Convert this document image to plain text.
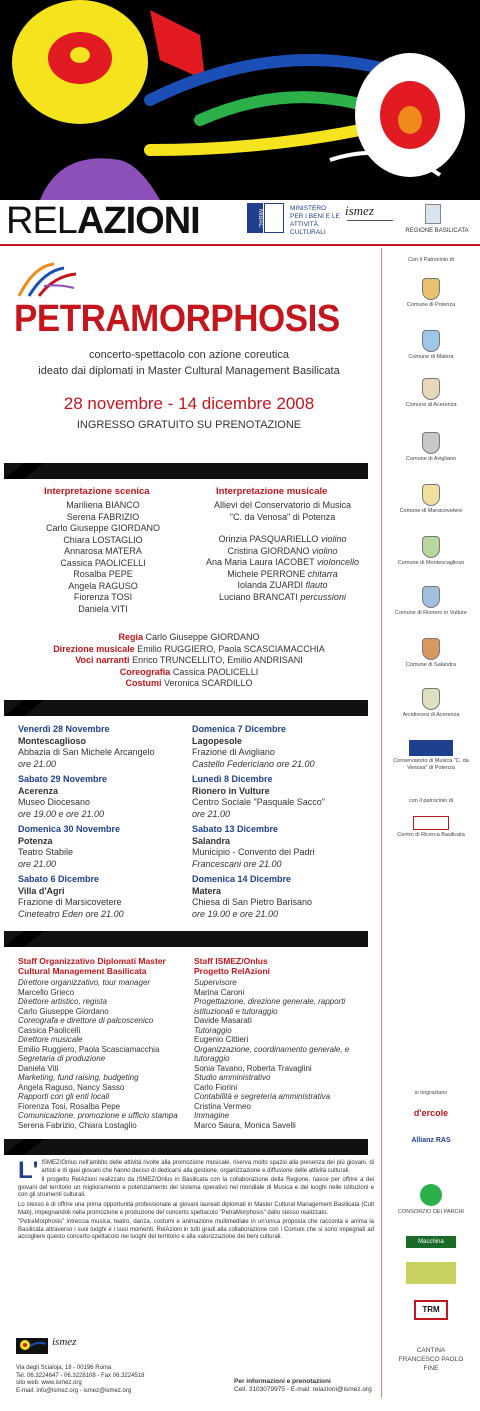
RELAZIONI	MiBAC
MINISTERO PER I BENI E LE ATTIVITÀ CULTURALI
ismez
REGIONE BASILICATA
PETRAMORPHOSIS
concerto-spettacolo con azione coreutica
ideato dai diplomati in Master Cultural Management Basilicata
28 novembre - 14 dicembre 2008
INGRESSO GRATUITO SU PRENOTAZIONE
Interpretazione scenica	Interpretazione musicale
Mariliena BIANCO
Serena FABRIZIO
Carlo Giuseppe GIORDANO
Chiara LOSTAGLIO
Annarosa MATERA
Cassica PAOLICELLI
Rosalba PEPE
Angela RAGUSO
Fiorenza TOSI
Daniela VITI
Allievi del Conservatorio di Musica
"C. da Venosa" di Potenza
Orinzia PASQUARIELLO violino
Cristina GIORDANO violino
Ana Maria Laura IACOBET violoncello
Michele PERRONE chitarra
Iolanda ZUARDI flauto
Luciano BRANCATI percussioni
Regia Carlo Giuseppe GIORDANO
Direzione musicale Emilio RUGGIERO, Paola SCASCIAMACCHIA
Voci narranti Enrico TRUNCELLITO, Emilio ANDRISANI
Coreografia Cassica PAOLICELLI
Costumi Veronica SCARDILLO
Venerdì 28 Novembre
Montescaglioso
Abbazia di San Michele Arcangelo
ore 21.00
Sabato 29 Novembre
Acerenza
Museo Diocesano
ore 19.00 e ore 21.00
Domenica 30 Novembre
Potenza
Teatro Stabile
ore 21.00
Sabato 6 Dicembre
Villa d'Agri
Frazione di Marsicovetere
Cineteatro Eden ore 21.00
Domenica 7 Dicembre
Lagopesole
Frazione di Avigliano
Castello Federiciano ore 21.00
Lunedì 8 Dicembre
Rionero in Vulture
Centro Sociale "Pasquale Sacco"
ore 21.00
Sabato 13 Dicembre
Salandra
Municipio - Convento dei Padri
Francescani ore 21.00
Domenica 14 Dicembre
Matera
Chiesa di San Pietro Barisano
ore 19.00 e ore 21.00
Staff Organizzativo Diplomati Master
Cultural Management Basilicata
Direttore organizzativo, tour manager
Marcello Grieco
Direttore artistico, regista
Carlo Giuseppe Giordano
Coreografa e direttore di palcoscenico
Cassica Paolicelli
Direttore musicale
Emilio Ruggiero, Paola Scasciamacchia
Segretaria di produzione
Daniela Viti
Marketing, fund raising, budgeting
Angela Raguso, Nancy Sasso
Rapporti con gli enti locali
Fiorenza Tosi, Rosalba Pepe
Comunicazione, promozione e ufficio stampa
Serena Fabrizio, Chiara Lostaglio
Staff ISMEZ/Onlus
Progetto RelAzioni
Supervisore
Marina Caroni
Progettazione, direzione generale, rapporti istituzionali e tutoraggio
Davide Masarati
Tutoraggio
Eugenio Cittieri
Organizzazione, coordinamento generale, e tutoraggio
Sonia Tavano, Roberta Travaglini
Studio amministrativo
Carlo Fiorini
Contabilità e segreteria amministrativa
Cristina Vermeo
Immagine
Marco Saura, Monica Savelli
L' ISMEZ/Onlus nell'ambito delle attività rivolte alla promozione musicale, riserva molto spazio alla presenza dei più giovani, di artisti e di quei giovani che hanno deciso di dedicarsi alla gestione, organizzazione e diffusione delle attività culturali.
Il progetto RelAzioni realizzato da ISMEZ/Onlus in Basilicata con la collaborazione della Regione, nasce per offrire a dei giovani del territorio un miglioramento e potenziamento del sistema operativo nel mondiale di Musica e dei luoghi nelle istituzioni e con gli strumenti culturali.
Lo stesso è di offrire una prima opportunità professionale ai giovani laureati diplomati in Master Cultural Management Basilicata (Cult Mab), impegnandoli nella promozione e produzione del concerto spettacolo "PetraMorphosis" dallo stesso realizzato.
"PetraMorphosis" intreccia musica, teatro, danza, costumi e animazione multimediale in un'unica proposta che racconta e anima la Basilicata attraverso i suoi luoghi e i suoi momenti. RelAzioni in tutti gradi alla collaborazione con i Comuni che si sono impegnati ad accogliere questo concerto-spettacolo nei luoghi del territorio e alla valorizzazione dei beni culturali.
ismez
Via degli Scialoja, 18 - 00196 Roma
Tel. 06.3224647 - 06.3228108 - Fax 06.3224518
sito web: www.ismez.org
E-mail: info@ismez.org - ismez@ismez.org
Per informazioni e prenotazioni
Cell. 3103079975 - E-mail: relazioni@ismez.org
Con il Patrocinio di
Comune di Potenza
Comune di Matera
Comune di Acerenza
Comune di Avigliano
Comune di Marsicovetere
Comune di Montescaglioso
Comune di Rionero in Vulture
Comune di Salandra
Arcidiocesi di Acerenza
Conservatorio di Musica "C. da Venosa" di Potenza
con il patrocinio di
Centro di Ricerca Basilicata
si ringraziano
d'ercole
Allianz RAS
CONSORZIO DEI PARCHI
Macchina
TRM
CANTINA
FRANCESCO PAOLO
FINE
